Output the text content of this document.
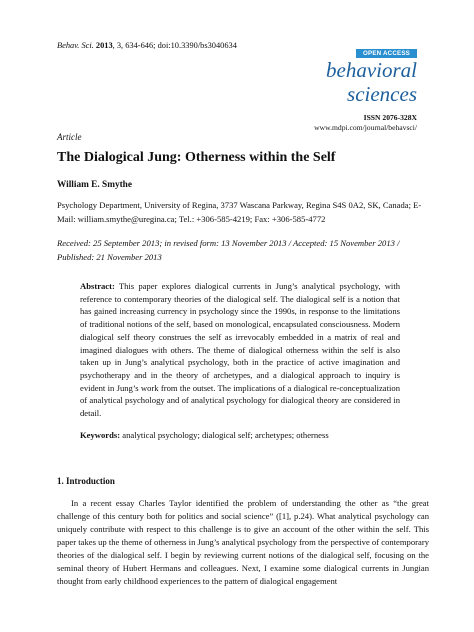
Behav. Sci. 2013, 3, 634-646; doi:10.3390/bs3040634
OPEN ACCESS
behavioral
sciences
ISSN 2076-328X
www.mdpi.com/journal/behavsci/
Article
The Dialogical Jung: Otherness within the Self
William E. Smythe
Psychology Department, University of Regina, 3737 Wascana Parkway, Regina S4S 0A2, SK, Canada; E-Mail: william.smythe@uregina.ca; Tel.: +306-585-4219; Fax: +306-585-4772
Received: 25 September 2013; in revised form: 13 November 2013 / Accepted: 15 November 2013 / Published: 21 November 2013
Abstract: This paper explores dialogical currents in Jung’s analytical psychology, with reference to contemporary theories of the dialogical self. The dialogical self is a notion that has gained increasing currency in psychology since the 1990s, in response to the limitations of traditional notions of the self, based on monological, encapsulated consciousness. Modern dialogical self theory construes the self as irrevocably embedded in a matrix of real and imagined dialogues with others. The theme of dialogical otherness within the self is also taken up in Jung’s analytical psychology, both in the practice of active imagination and psychotherapy and in the theory of archetypes, and a dialogical approach to inquiry is evident in Jung’s work from the outset. The implications of a dialogical re-conceptualization of analytical psychology and of analytical psychology for dialogical theory are considered in detail.
Keywords: analytical psychology; dialogical self; archetypes; otherness
1. Introduction
In a recent essay Charles Taylor identified the problem of understanding the other as “the great challenge of this century both for politics and social science” ([1], p.24). What analytical psychology can uniquely contribute with respect to this challenge is to give an account of the other within the self. This paper takes up the theme of otherness in Jung’s analytical psychology from the perspective of contemporary theories of the dialogical self. I begin by reviewing current notions of the dialogical self, focusing on the seminal theory of Hubert Hermans and colleagues. Next, I examine some dialogical currents in Jungian thought from early childhood experiences to the pattern of dialogical engagement
